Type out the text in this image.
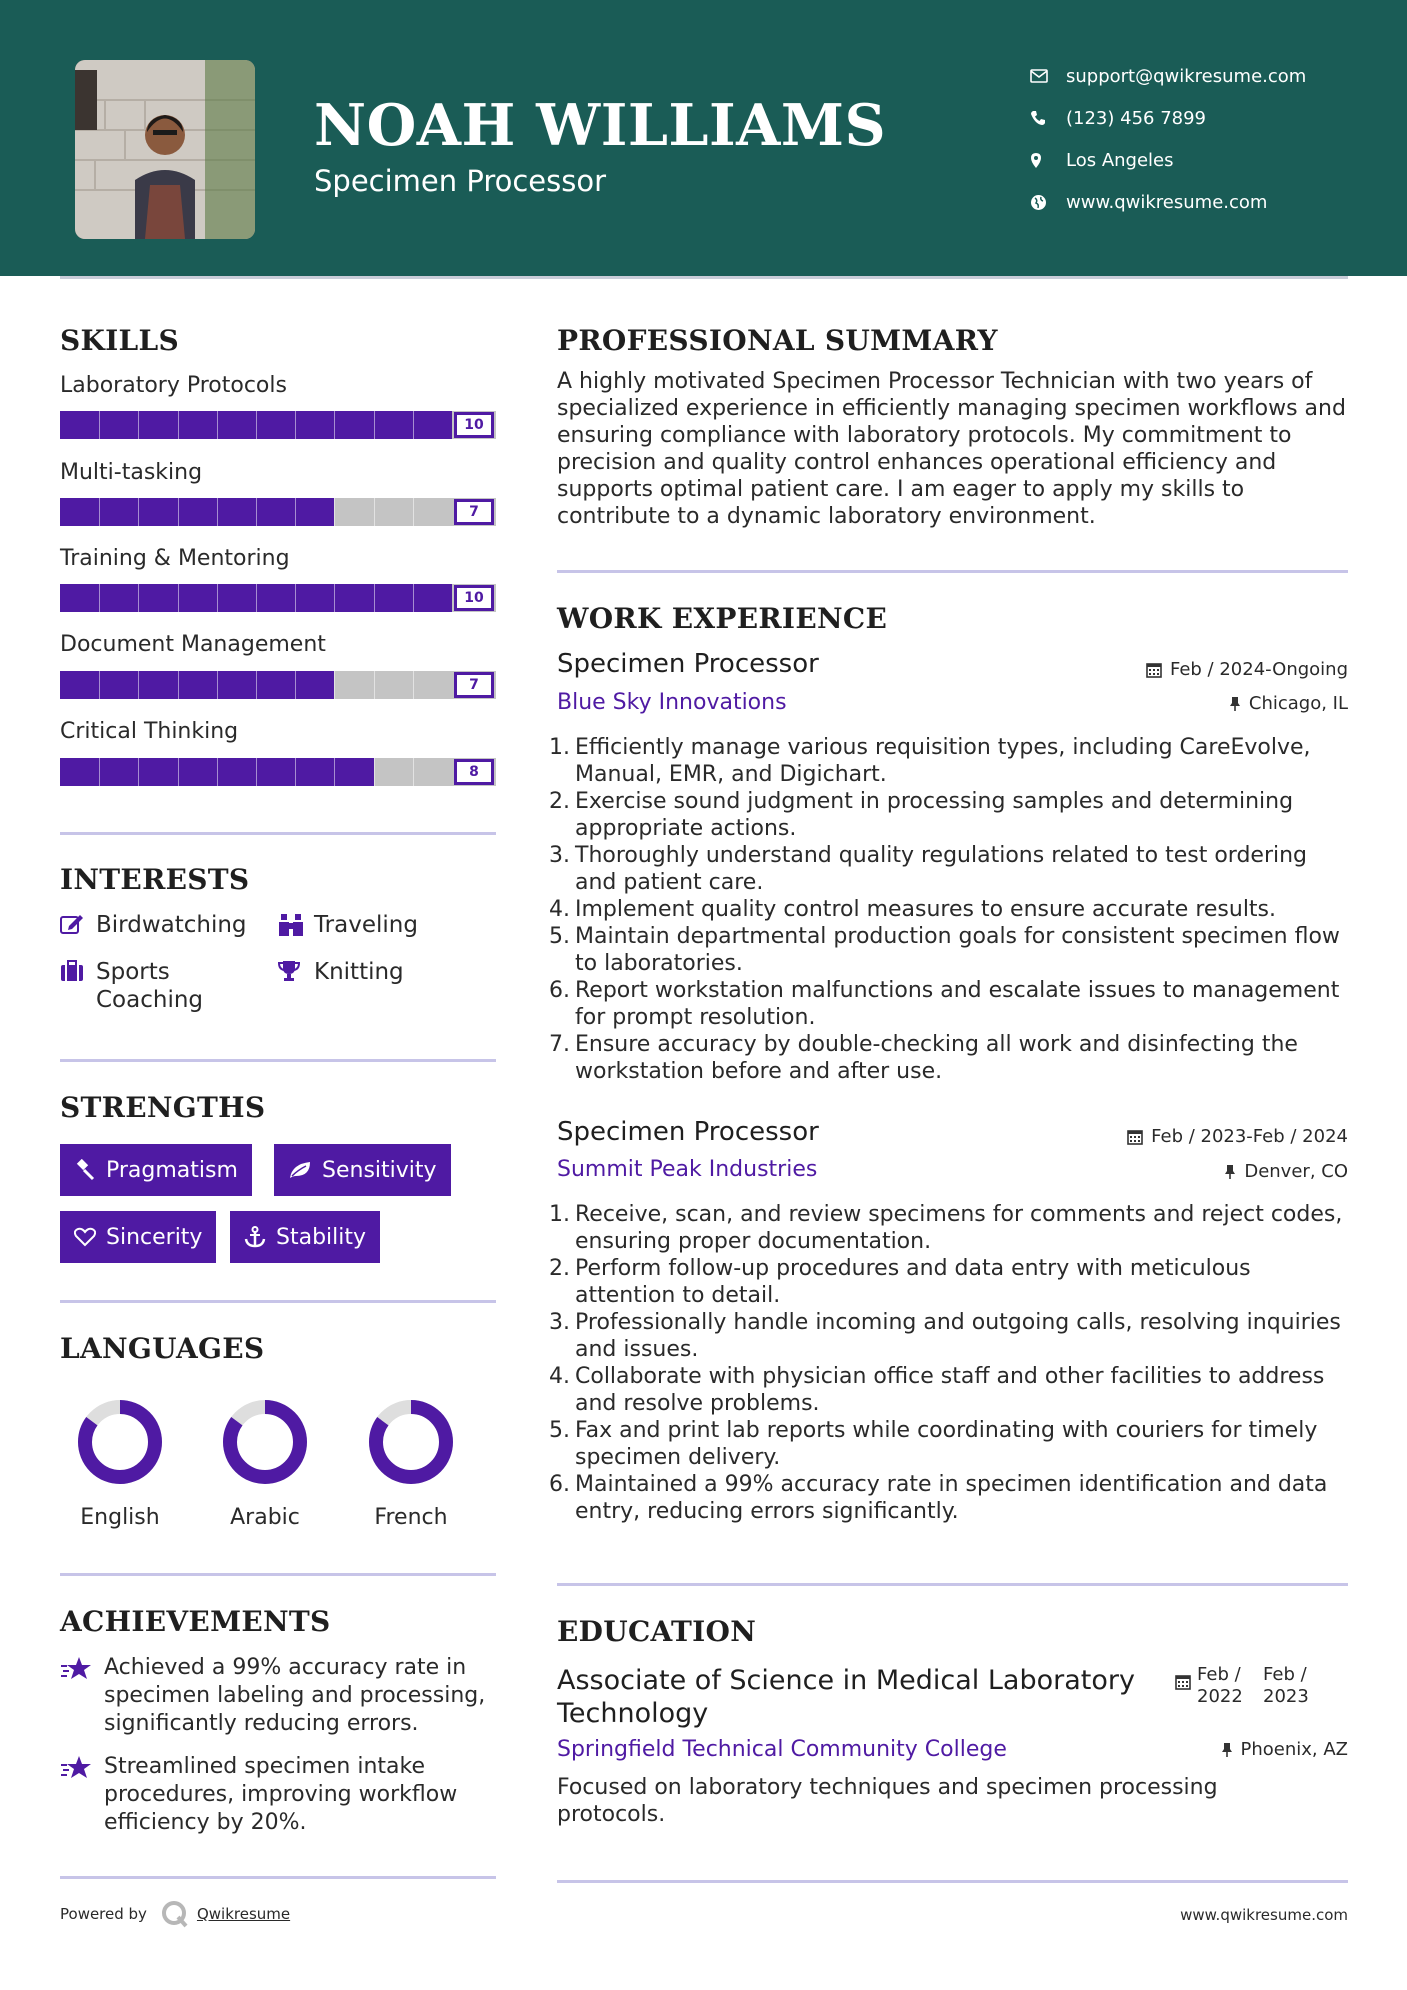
NOAH WILLIAMS
Specimen Processor
support@qwikresume.com
(123) 456 7899
Los Angeles
www.qwikresume.com
SKILLS
Laboratory Protocols
10
Multi-tasking
7
Training & Mentoring
10
Document Management
7
Critical Thinking
8
INTERESTS
Birdwatching	Traveling
Sports Coaching
Knitting
STRENGTHS
Pragmatism	Sensitivity
Sincerity	Stability
LANGUAGES
English	Arabic	French
ACHIEVEMENTS
Achieved a 99% accuracy rate in specimen labeling and processing, significantly reducing errors.
Streamlined specimen intake procedures, improving workflow efficiency by 20%.
PROFESSIONAL SUMMARY
A highly motivated Specimen Processor Technician with two years of specialized experience in efficiently managing specimen workflows and ensuring compliance with laboratory protocols. My commitment to precision and quality control enhances operational efficiency and supports optimal patient care. I am eager to apply my skills to contribute to a dynamic laboratory environment.
WORK EXPERIENCE
Specimen Processor	Feb / 2024-Ongoing
Blue Sky Innovations	Chicago, IL
1. Efficiently manage various requisition types, including CareEvolve, Manual, EMR, and Digichart.
2. Exercise sound judgment in processing samples and determining appropriate actions.
3. Thoroughly understand quality regulations related to test ordering and patient care.
4. Implement quality control measures to ensure accurate results.
5. Maintain departmental production goals for consistent specimen flow to laboratories.
6. Report workstation malfunctions and escalate issues to management for prompt resolution.
7. Ensure accuracy by double-checking all work and disinfecting the workstation before and after use.
Specimen Processor	Feb / 2023-Feb / 2024
Summit Peak Industries	Denver, CO
1. Receive, scan, and review specimens for comments and reject codes, ensuring proper documentation.
2. Perform follow-up procedures and data entry with meticulous attention to detail.
3. Professionally handle incoming and outgoing calls, resolving inquiries and issues.
4. Collaborate with physician office staff and other facilities to address and resolve problems.
5. Fax and print lab reports while coordinating with couriers for timely specimen delivery.
6. Maintained a 99% accuracy rate in specimen identification and data entry, reducing errors significantly.
EDUCATION
Associate of Science in Medical Laboratory Technology
Feb / 2022
Feb / 2023
Springfield Technical Community College	Phoenix, AZ
Focused on laboratory techniques and specimen processing protocols.
Powered by	Qwikresume	www.qwikresume.com
